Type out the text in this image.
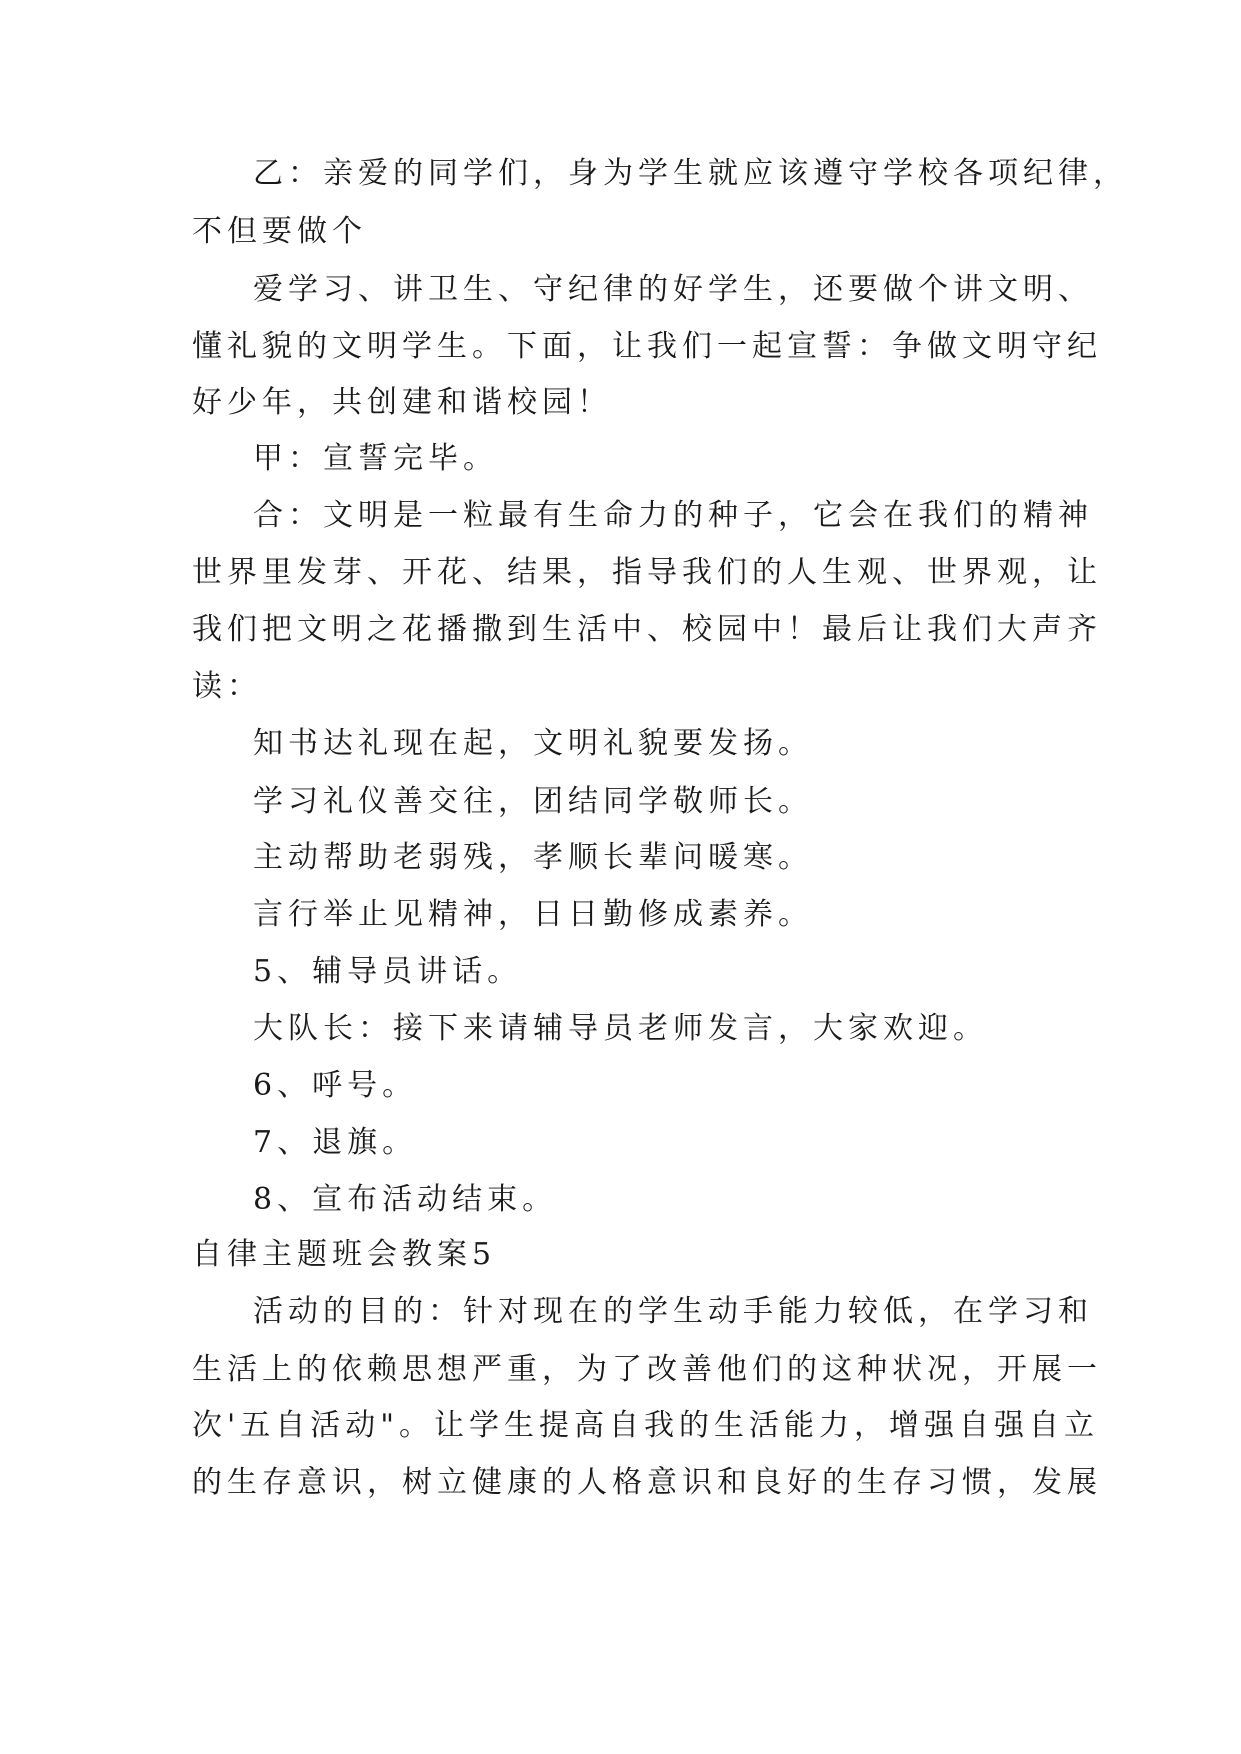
乙：亲爱的同学们，身为学生就应该遵守学校各项纪律，
不但要做个
爱学习、讲卫生、守纪律的好学生，还要做个讲文明、
懂礼貌的文明学生。下面，让我们一起宣誓：争做文明守纪
好少年，共创建和谐校园！
甲：宣誓完毕。
合：文明是一粒最有生命力的种子，它会在我们的精神
世界里发芽、开花、结果，指导我们的人生观、世界观，让
我们把文明之花播撒到生活中、校园中！最后让我们大声齐
读：
知书达礼现在起，文明礼貌要发扬。
学习礼仪善交往，团结同学敬师长。
主动帮助老弱残，孝顺长辈问暖寒。
言行举止见精神，日日勤修成素养。
5、辅导员讲话。
大队长：接下来请辅导员老师发言，大家欢迎。
6、呼号。
7、退旗。
8、宣布活动结束。
自律主题班会教案5
活动的目的：针对现在的学生动手能力较低，在学习和
生活上的依赖思想严重，为了改善他们的这种状况，开展一
次'五自活动"。让学生提高自我的生活能力，增强自强自立
的生存意识，树立健康的人格意识和良好的生存习惯，发展
